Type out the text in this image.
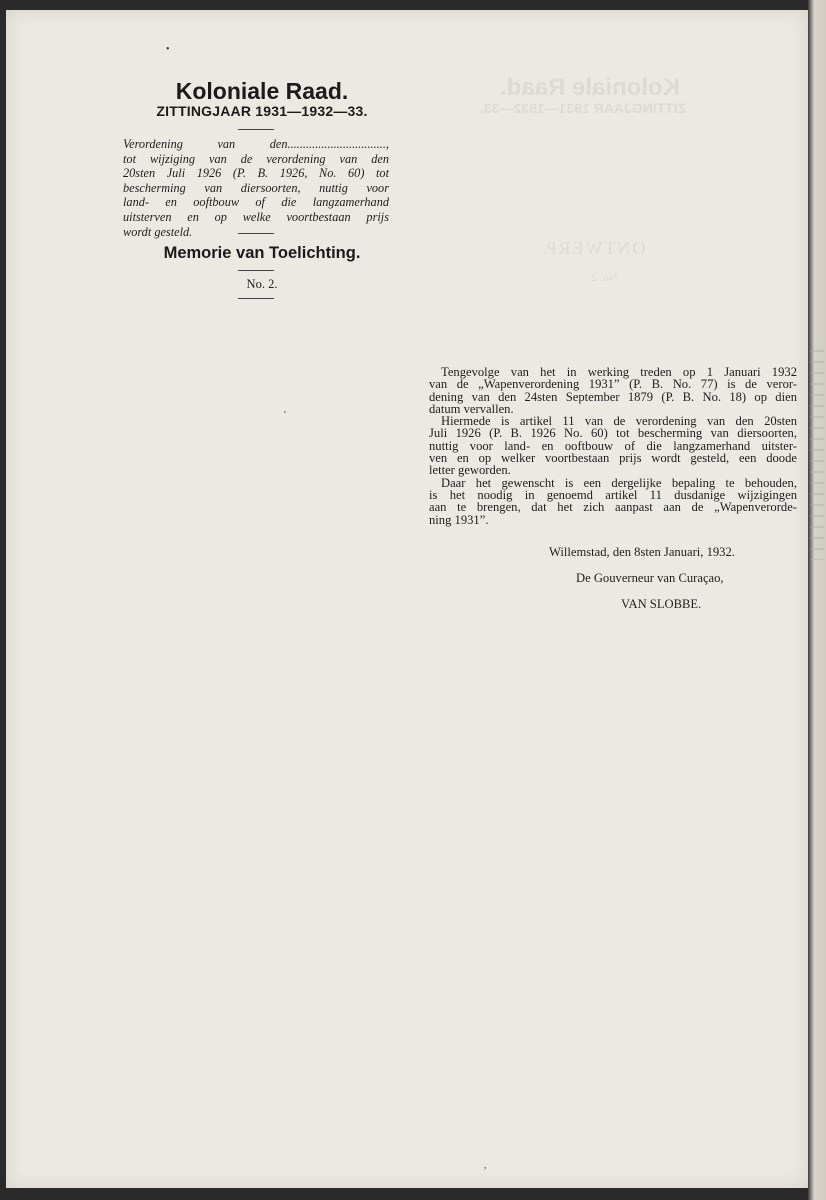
Koloniale Raad.
ZITTINGJAAR 1931—1932—33.
ONTWERP.
No. 2.
•
Koloniale Raad.
ZITTINGJAAR 1931—1932—33.
Verordening van den................................,
tot wijziging van de verordening van den
20sten Juli 1926 (P. B. 1926, No. 60) tot
bescherming van diersoorten, nuttig voor
land- en ooftbouw of die langzamerhand
uitsterven en op welke voortbestaan prijs
wordt gesteld.
Memorie van Toelichting.
No. 2.
Tengevolge van het in werking treden op 1 Januari 1932
van de „Wapenverordening 1931” (P. B. No. 77) is de veror-
dening van den 24sten September 1879 (P. B. No. 18) op dien
datum vervallen.
Hiermede is artikel 11 van de verordening van den 20sten
Juli 1926 (P. B. 1926 No. 60) tot bescherming van diersoorten,
nuttig voor land- en ooftbouw of die langzamerhand uitster-
ven en op welker voortbestaan prijs wordt gesteld, een doode
letter geworden.
Daar het gewenscht is een dergelijke bepaling te behouden,
is het noodig in genoemd artikel 11 dusdanige wijzigingen
aan te brengen, dat het zich aanpast aan de „Wapenverorde-
ning 1931”.
Willemstad, den 8sten Januari, 1932.
De Gouverneur van Curaçao,
VAN SLOBBE.
'
,
